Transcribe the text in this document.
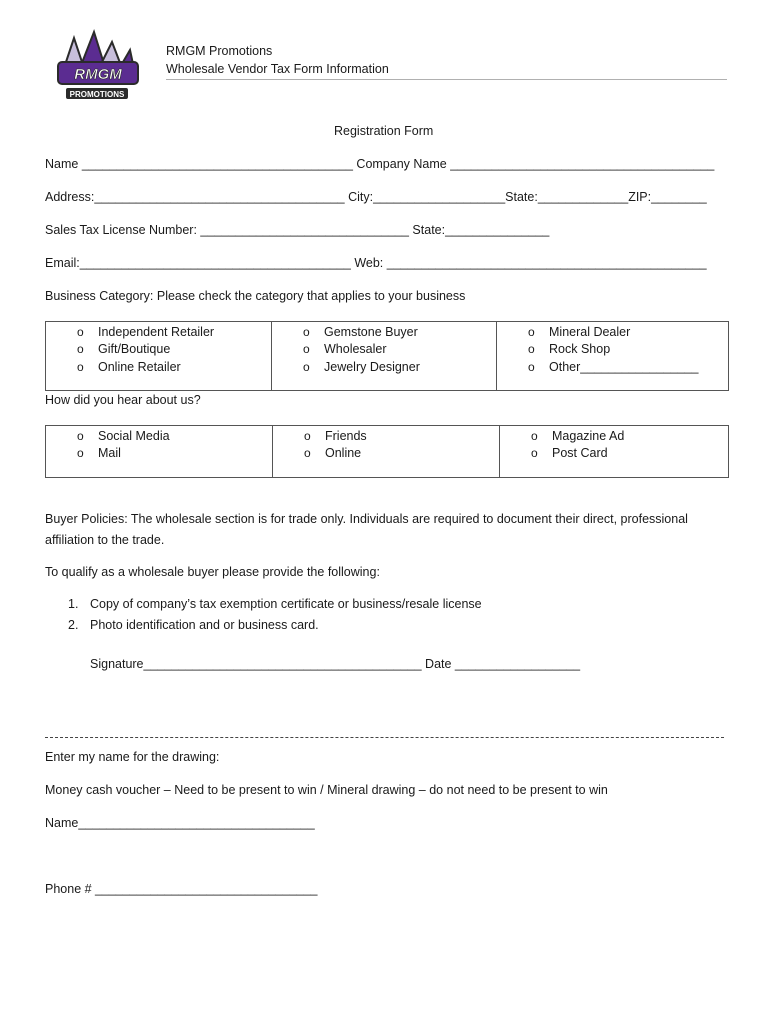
RMGM
PROMOTIONS
RMGM Promotions
Wholesale Vendor Tax Form Information
Registration Form
Name _______________________________________ Company Name ______________________________________
Address:____________________________________ City:___________________State:_____________ZIP:________
Sales Tax License Number: ______________________________ State:_______________
Email:_______________________________________ Web: ______________________________________________
Business Category: Please check the category that applies to your business
o Independent Retailer
o Gift/Boutique
o Online Retailer

o Gemstone Buyer
o Wholesaler
o Jewelry Designer

o Mineral Dealer
o Rock Shop
o Other_________________
How did you hear about us?
o Social Media
o Mail

o Friends
o Online

o Magazine Ad
o Post Card
Buyer Policies: The wholesale section is for trade only. Individuals are required to document their direct, professional
affiliation to the trade.
To qualify as a wholesale buyer please provide the following:
1. Copy of company’s tax exemption certificate or business/resale license
2. Photo identification and or business card.
Signature________________________________________ Date __________________
Enter my name for the drawing:
Money cash voucher – Need to be present to win / Mineral drawing – do not need to be present to win
Name__________________________________
Phone # ________________________________
